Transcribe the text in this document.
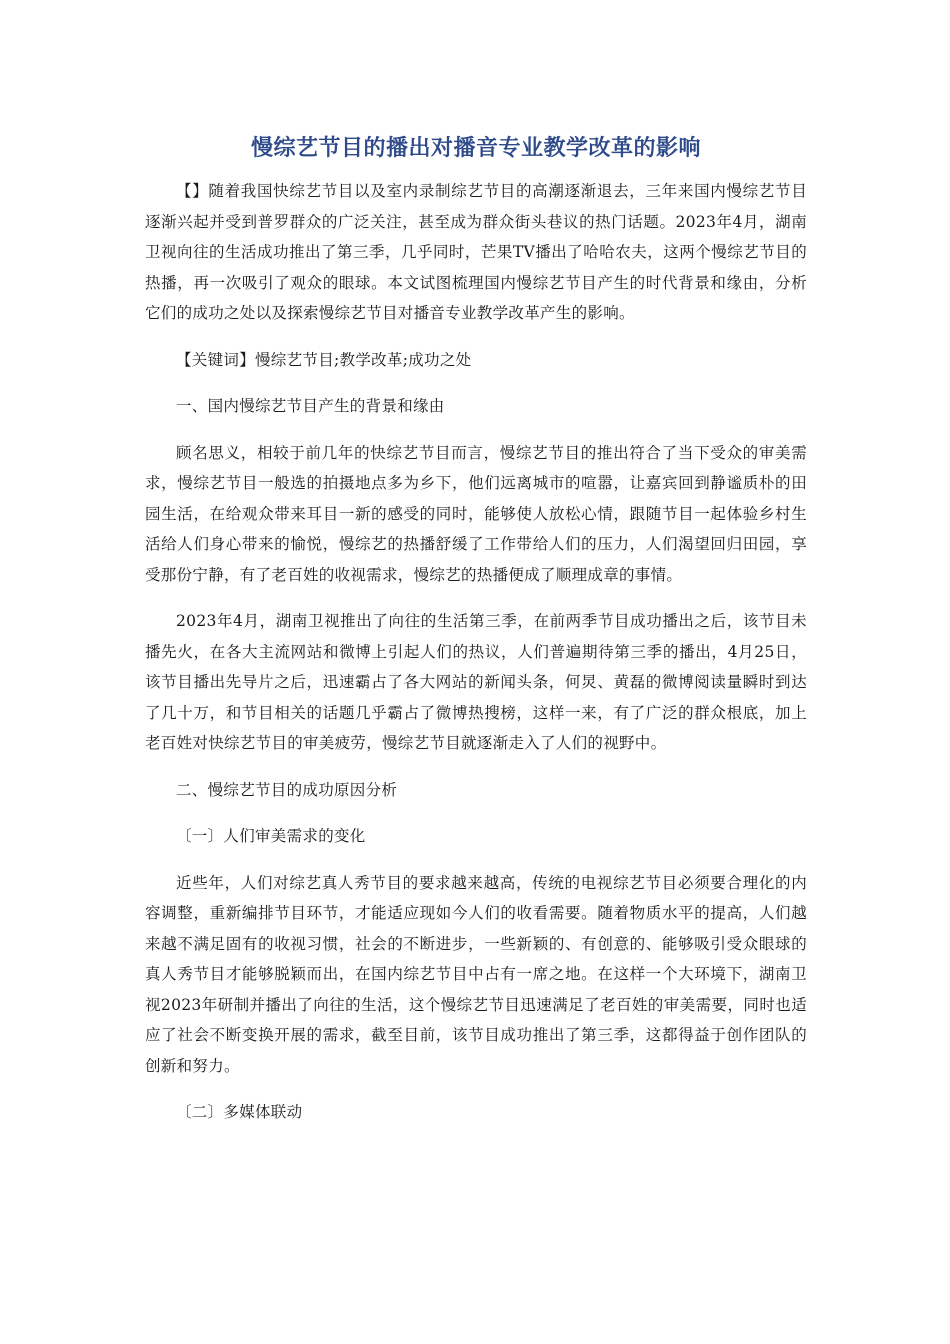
慢综艺节目的播出对播音专业教学改革的影响

【】随着我国快综艺节目以及室内录制综艺节目的高潮逐渐退去，三年来国内慢综艺节目逐渐兴起并受到普罗群众的广泛关注，甚至成为群众街头巷议的热门话题。2023年4月，湖南卫视向往的生活成功推出了第三季，几乎同时，芒果TV播出了哈哈农夫，这两个慢综艺节目的热播，再一次吸引了观众的眼球。本文试图梳理国内慢综艺节目产生的时代背景和缘由，分析它们的成功之处以及探索慢综艺节目对播音专业教学改革产生的影响。

【关键词】慢综艺节目;教学改革;成功之处

一、国内慢综艺节目产生的背景和缘由

顾名思义，相较于前几年的快综艺节目而言，慢综艺节目的推出符合了当下受众的审美需求，慢综艺节目一般选的拍摄地点多为乡下，他们远离城市的喧嚣，让嘉宾回到静谧质朴的田园生活，在给观众带来耳目一新的感受的同时，能够使人放松心情，跟随节目一起体验乡村生活给人们身心带来的愉悦，慢综艺的热播舒缓了工作带给人们的压力，人们渴望回归田园，享受那份宁静，有了老百姓的收视需求，慢综艺的热播便成了顺理成章的事情。

2023年4月，湖南卫视推出了向往的生活第三季，在前两季节目成功播出之后，该节目未播先火，在各大主流网站和微博上引起人们的热议，人们普遍期待第三季的播出，4月25日，该节目播出先导片之后，迅速霸占了各大网站的新闻头条，何炅、黄磊的微博阅读量瞬时到达了几十万，和节目相关的话题几乎霸占了微博热搜榜，这样一来，有了广泛的群众根底，加上老百姓对快综艺节目的审美疲劳，慢综艺节目就逐渐走入了人们的视野中。

二、慢综艺节目的成功原因分析

〔一〕人们审美需求的变化

近些年，人们对综艺真人秀节目的要求越来越高，传统的电视综艺节目必须要合理化的内容调整，重新编排节目环节，才能适应现如今人们的收看需要。随着物质水平的提高，人们越来越不满足固有的收视习惯，社会的不断进步，一些新颖的、有创意的、能够吸引受众眼球的真人秀节目才能够脱颖而出，在国内综艺节目中占有一席之地。在这样一个大环境下，湖南卫视2023年研制并播出了向往的生活，这个慢综艺节目迅速满足了老百姓的审美需要，同时也适应了社会不断变换开展的需求，截至目前，该节目成功推出了第三季，这都得益于创作团队的创新和努力。

〔二〕多媒体联动
